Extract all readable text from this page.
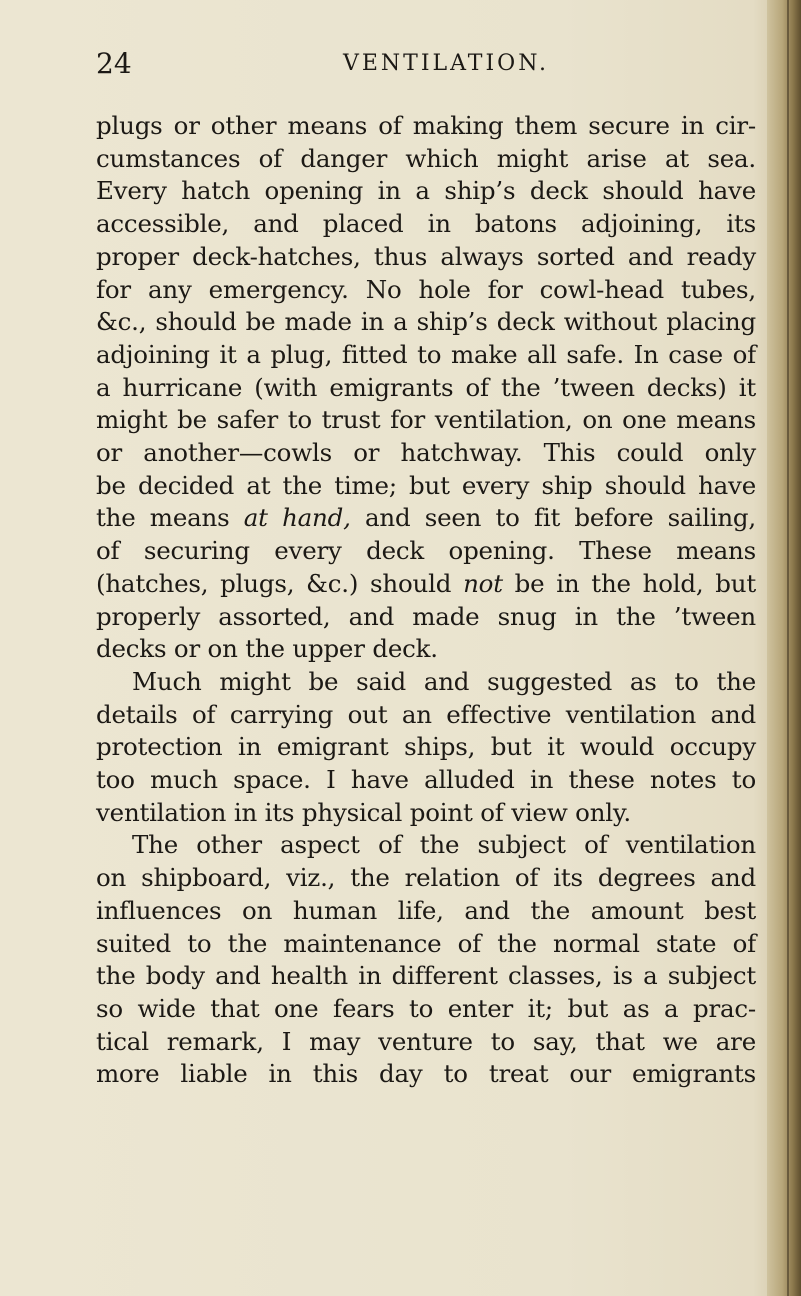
24	VENTILATION.
plugs or other means of making them secure in cir-
cumstances of danger which might arise at sea.
Every hatch opening in a ship’s deck should have
accessible, and placed in batons adjoining, its
proper deck-hatches, thus always sorted and ready
for any emergency. No hole for cowl-head tubes,
&c., should be made in a ship’s deck without placing
adjoining it a plug, fitted to make all safe. In case of
a hurricane (with emigrants of the ’tween decks) it
might be safer to trust for ventilation, on one means
or another—cowls or hatchway. This could only
be decided at the time; but every ship should have
the means at hand, and seen to fit before sailing,
of securing every deck opening. These means
(hatches, plugs, &c.) should not be in the hold, but
properly assorted, and made snug in the ’tween
decks or on the upper deck.
Much might be said and suggested as to the
details of carrying out an effective ventilation and
protection in emigrant ships, but it would occupy
too much space. I have alluded in these notes to
ventilation in its physical point of view only.
The other aspect of the subject of ventilation
on shipboard, viz., the relation of its degrees and
influences on human life, and the amount best
suited to the maintenance of the normal state of
the body and health in different classes, is a subject
so wide that one fears to enter it; but as a prac-
tical remark, I may venture to say, that we are
more liable in this day to treat our emigrants
